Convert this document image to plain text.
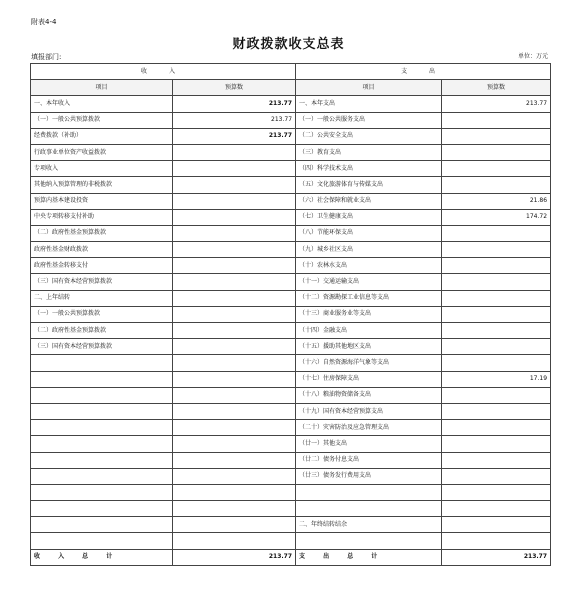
附表4-4
财政拨款收支总表
填报部门:	单位：万元
收 入		支 出	
项目	预算数	项目	预算数
一、本年收入	213.77	一、本年支出	213.77
（一）一般公共预算拨款	213.77	（一）一般公共服务支出	
经费拨款（补助）	213.77	（二）公共安全支出	
行政事业单位资产收益拨款		（三）教育支出	
专项收入		（四）科学技术支出	
其他纳入预算管理的非税拨款		（五）文化旅游体育与传媒支出	
预算内基本建设投资		（六）社会保障和就业支出	21.86
中央专项转移支付补助		（七）卫生健康支出	174.72
（二）政府性基金预算拨款		（八）节能环保支出	
政府性基金财政拨款		（九）城乡社区支出	
政府性基金转移支付		（十）农林水支出	
（三）国有资本经营预算拨款		（十一）交通运输支出	
二、上年结转		（十二）资源勘探工业信息等支出	
（一）一般公共预算拨款		（十三）商业服务业等支出	
（二）政府性基金预算拨款		（十四）金融支出	
（三）国有资本经营预算拨款		（十五）援助其他地区支出	
		（十六）自然资源海洋气象等支出	
		（十七）住房保障支出	17.19
		（十八）粮油物资储备支出	
		（十九）国有资本经营预算支出	
		（二十）灾害防治及应急管理支出	
		（廿一）其他支出	
		（廿二）债务付息支出	
		（廿三）债务发行费用支出	

		二、年终结转结余	

收 入 总 计	213.77	支 出 总 计	213.77
